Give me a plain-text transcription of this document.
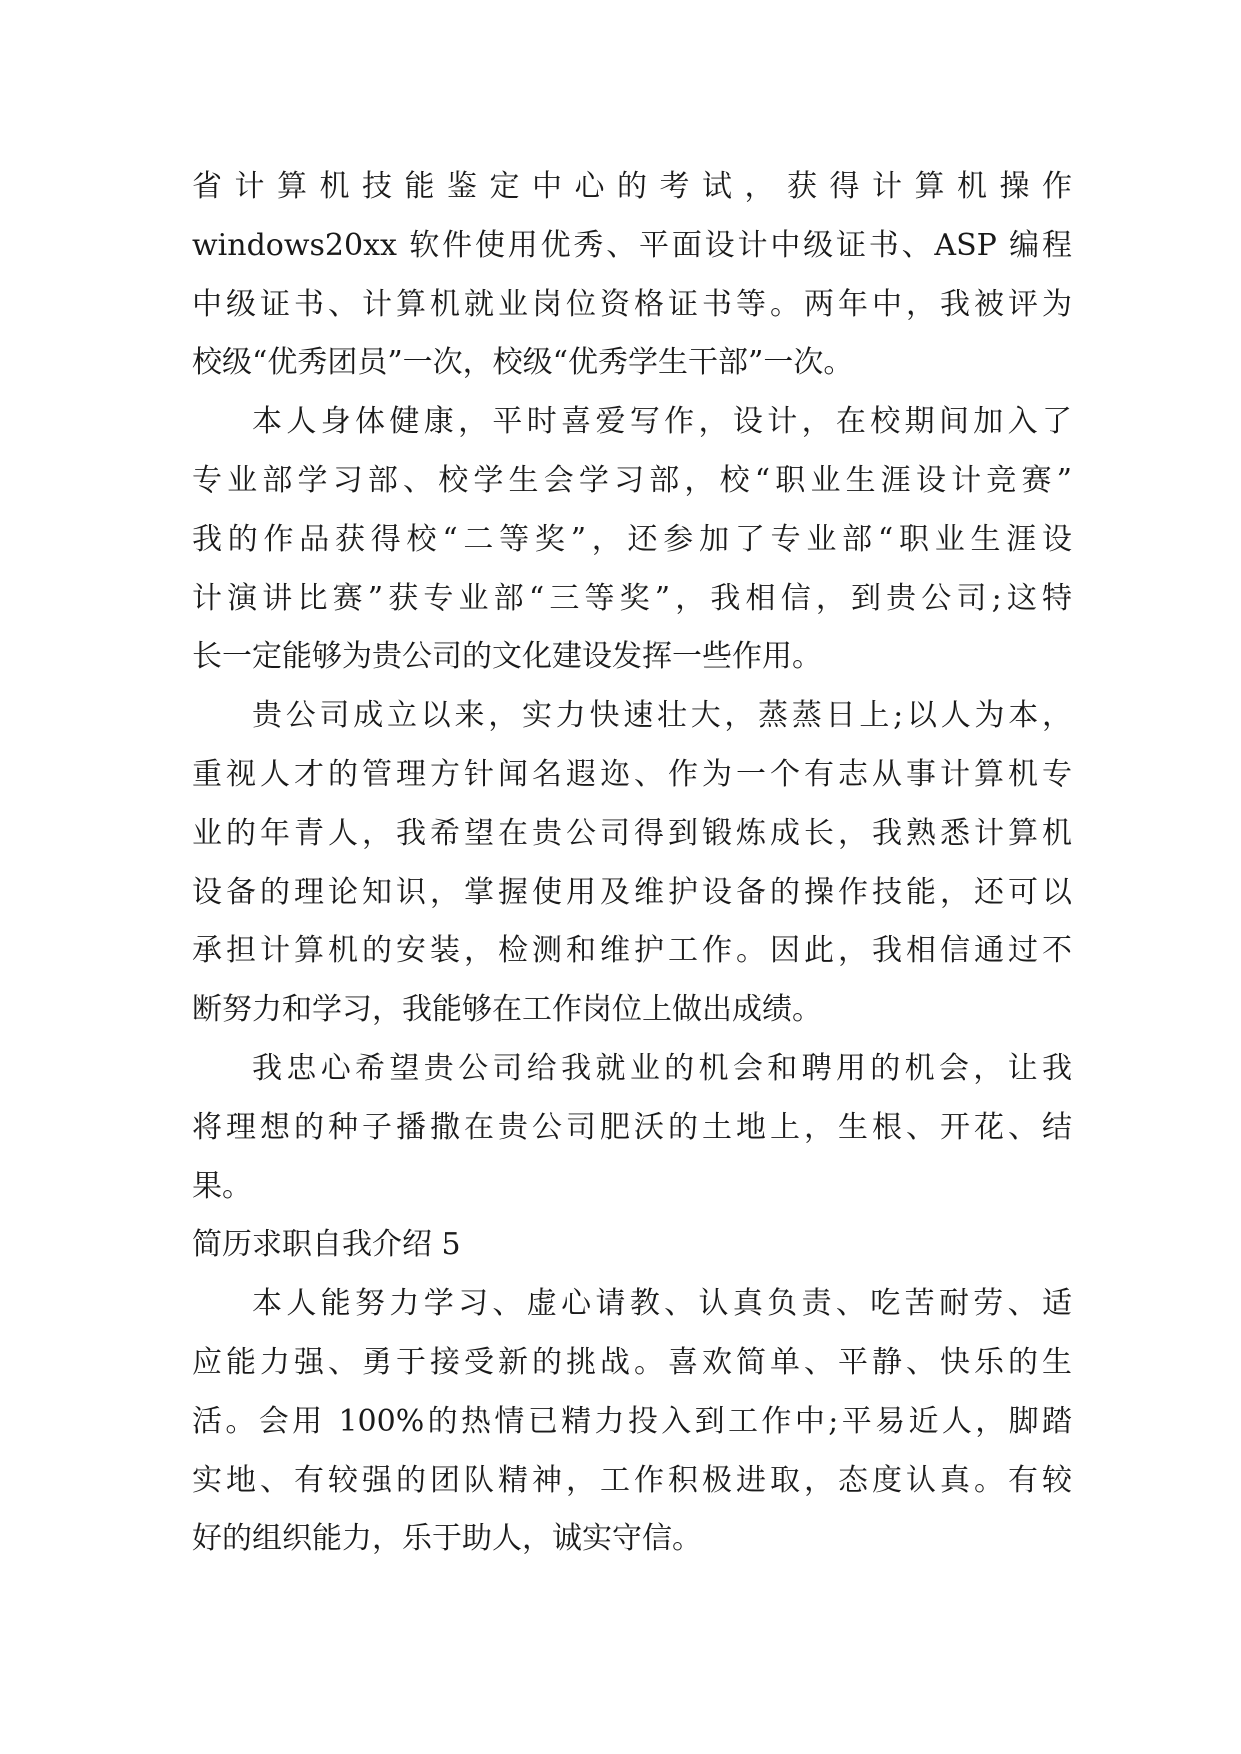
省计算机技能鉴定中心的考试，获得计算机操作
windows20xx 软件使用优秀、平面设计中级证书、ASP 编程
中级证书、计算机就业岗位资格证书等。两年中，我被评为
校级“优秀团员”一次，校级“优秀学生干部”一次。
本人身体健康，平时喜爱写作，设计，在校期间加入了
专业部学习部、校学生会学习部，校“职业生涯设计竞赛”
我的作品获得校“二等奖”，还参加了专业部“职业生涯设
计演讲比赛”获专业部“三等奖”，我相信，到贵公司;这特
长一定能够为贵公司的文化建设发挥一些作用。
贵公司成立以来，实力快速壮大，蒸蒸日上;以人为本，
重视人才的管理方针闻名遐迩、作为一个有志从事计算机专
业的年青人，我希望在贵公司得到锻炼成长，我熟悉计算机
设备的理论知识，掌握使用及维护设备的操作技能，还可以
承担计算机的安装，检测和维护工作。因此，我相信通过不
断努力和学习，我能够在工作岗位上做出成绩。
我忠心希望贵公司给我就业的机会和聘用的机会，让我
将理想的种子播撒在贵公司肥沃的土地上，生根、开花、结
果。
简历求职自我介绍 5
本人能努力学习、虚心请教、认真负责、吃苦耐劳、适
应能力强、勇于接受新的挑战。喜欢简单、平静、快乐的生
活。会用 100%的热情已精力投入到工作中;平易近人，脚踏
实地、有较强的团队精神，工作积极进取，态度认真。有较
好的组织能力，乐于助人，诚实守信。
